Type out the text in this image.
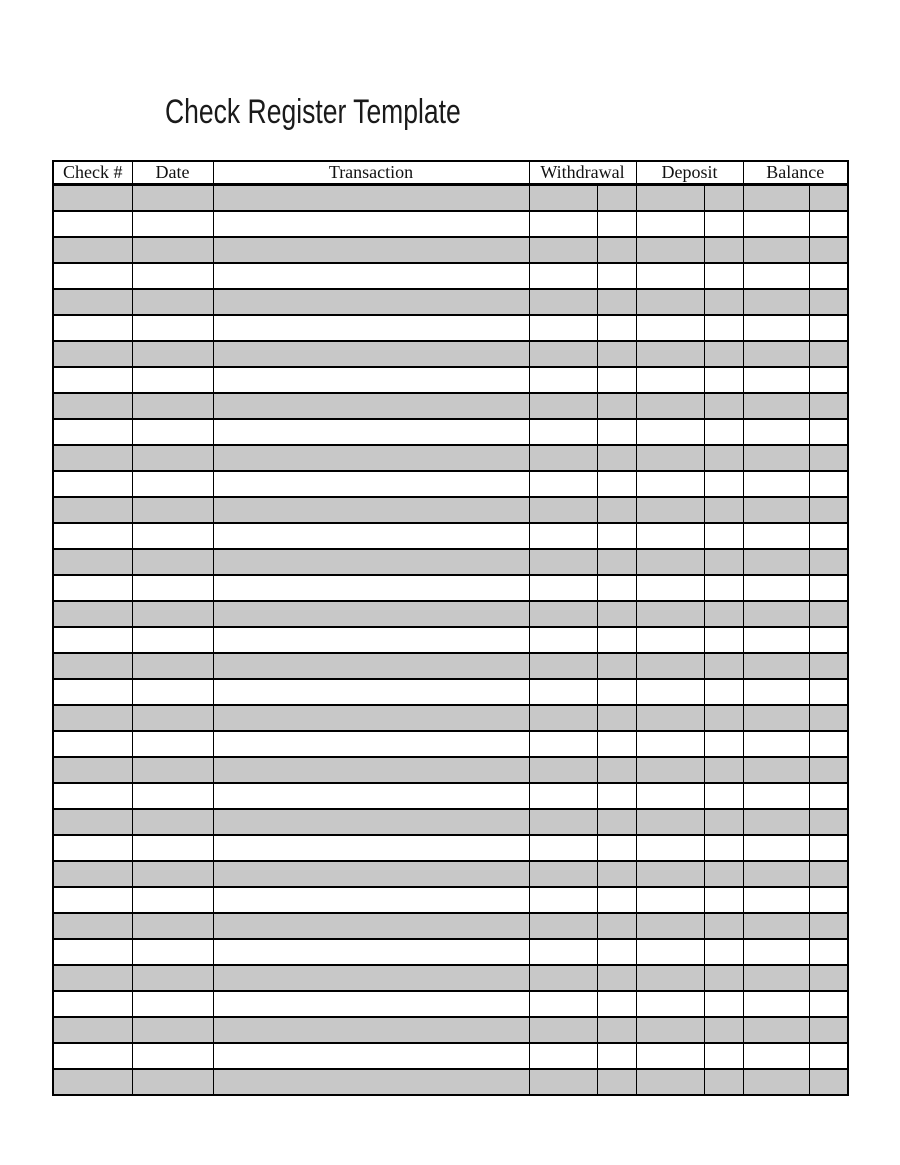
Check Register Template
Check #	Date	Transaction	Withdrawal		Deposit		Balance	
